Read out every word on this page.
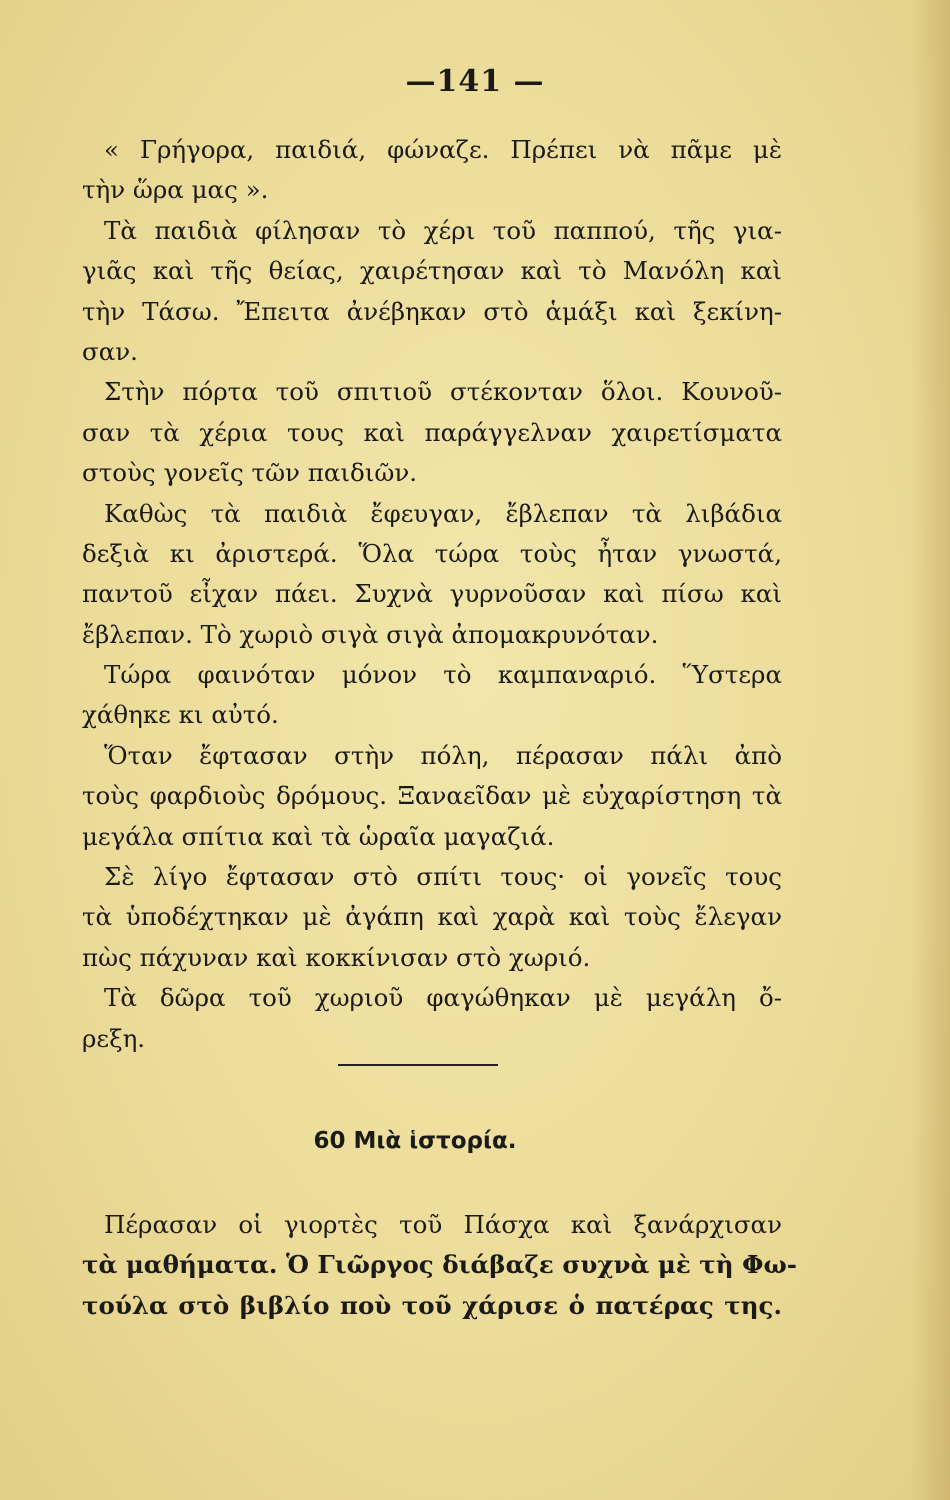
—141 —
« Γρήγορα, παιδιά, φώναζε. Πρέπει νὰ πᾶμε μὲ
τὴν ὥρα μας ».
Τὰ παιδιὰ φίλησαν τὸ χέρι τοῦ παππού, τῆς για-
γιᾶς καὶ τῆς θείας, χαιρέτησαν καὶ τὸ Μανόλη καὶ
τὴν Τάσω. Ἔπειτα ἀνέβηκαν στὸ ἁμάξι καὶ ξεκίνη-
σαν.
Στὴν πόρτα τοῦ σπιτιοῦ στέκονταν ὅλοι. Κουνοῦ-
σαν τὰ χέρια τους καὶ παράγγελναν χαιρετίσματα
στοὺς γονεῖς τῶν παιδιῶν.
Καθὼς τὰ παιδιὰ ἔφευγαν, ἔβλεπαν τὰ λιβάδια
δεξιὰ κι ἀριστερά. Ὅλα τώρα τοὺς ἦταν γνωστά,
παντοῦ εἶχαν πάει. Συχνὰ γυρνοῦσαν καὶ πίσω καὶ
ἔβλεπαν. Τὸ χωριὸ σιγὰ σιγὰ ἀπομακρυνόταν.
Τώρα φαινόταν μόνον τὸ καμπαναριό. Ὕστερα
χάθηκε κι αὐτό.
Ὅταν ἔφτασαν στὴν πόλη, πέρασαν πάλι ἀπὸ
τοὺς φαρδιοὺς δρόμους. Ξαναεῖδαν μὲ εὐχαρίστηση τὰ
μεγάλα σπίτια καὶ τὰ ὡραῖα μαγαζιά.
Σὲ λίγο ἔφτασαν στὸ σπίτι τους· οἱ γονεῖς τους
τὰ ὑποδέχτηκαν μὲ ἀγάπη καὶ χαρὰ καὶ τοὺς ἔλεγαν
πὼς πάχυναν καὶ κοκκίνισαν στὸ χωριό.
Τὰ δῶρα τοῦ χωριοῦ φαγώθηκαν μὲ μεγάλη ὄ-
ρεξη.
60 Μιὰ ἱστορία.
Πέρασαν οἱ γιορτὲς τοῦ Πάσχα καὶ ξανάρχισαν
τὰ μαθήματα. Ὁ Γιῶργος διάβαζε συχνὰ μὲ τὴ Φω-
τούλα στὸ βιβλίο ποὺ τοῦ χάρισε ὁ πατέρας της.
